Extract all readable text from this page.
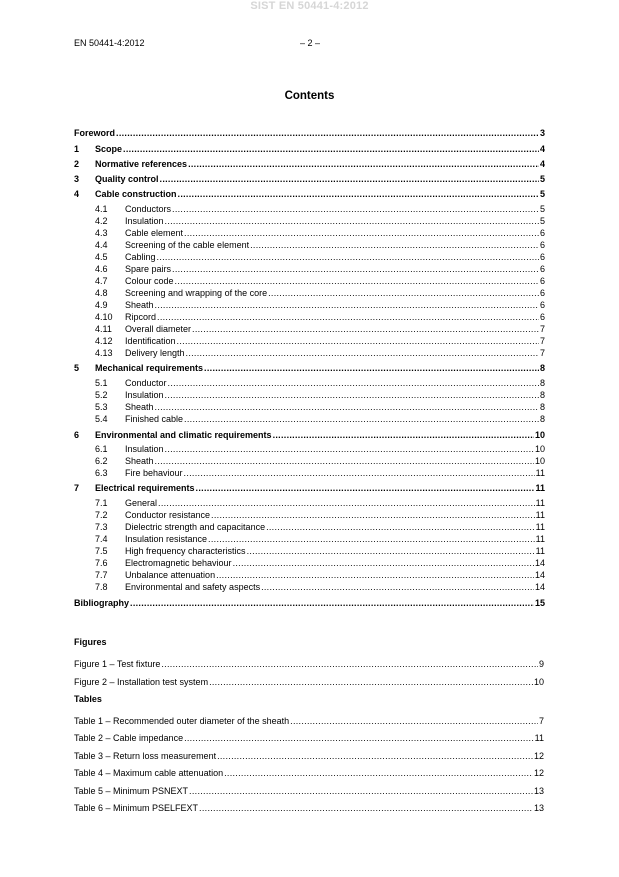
SIST EN 50441-4:2012
EN 50441-4:2012	– 2 –
Contents
Foreword .....	3
1	Scope .....	4
2	Normative references .....	4
3	Quality control .....	5
4	Cable construction .....	5
4.1	Conductors .....	5
4.2	Insulation .....	5
4.3	Cable element .....	6
4.4	Screening of the cable element .....	6
4.5	Cabling .....	6
4.6	Spare pairs .....	6
4.7	Colour code .....	6
4.8	Screening and wrapping of the core .....	6
4.9	Sheath .....	6
4.10	Ripcord .....	6
4.11	Overall diameter .....	7
4.12	Identification .....	7
4.13	Delivery length .....	7
5	Mechanical requirements .....	8
5.1	Conductor .....	8
5.2	Insulation .....	8
5.3	Sheath .....	8
5.4	Finished cable .....	8
6	Environmental and climatic requirements .....	10
6.1	Insulation .....	10
6.2	Sheath .....	10
6.3	Fire behaviour .....	11
7	Electrical requirements .....	11
7.1	General .....	11
7.2	Conductor resistance .....	11
7.3	Dielectric strength and capacitance .....	11
7.4	Insulation resistance .....	11
7.5	High frequency characteristics .....	11
7.6	Electromagnetic behaviour .....	14
7.7	Unbalance attenuation .....	14
7.8	Environmental and safety aspects .....	14
Bibliography .....	15
Figures
Figure 1 – Test fixture .....	9
Figure 2 – Installation test system .....	10
Tables
Table 1 – Recommended outer diameter of the sheath .....	7
Table 2 – Cable impedance .....	11
Table 3 – Return loss measurement .....	12
Table 4 – Maximum cable attenuation .....	12
Table 5 – Minimum PSNEXT .....	13
Table 6 – Minimum PSELFEXT .....	13
